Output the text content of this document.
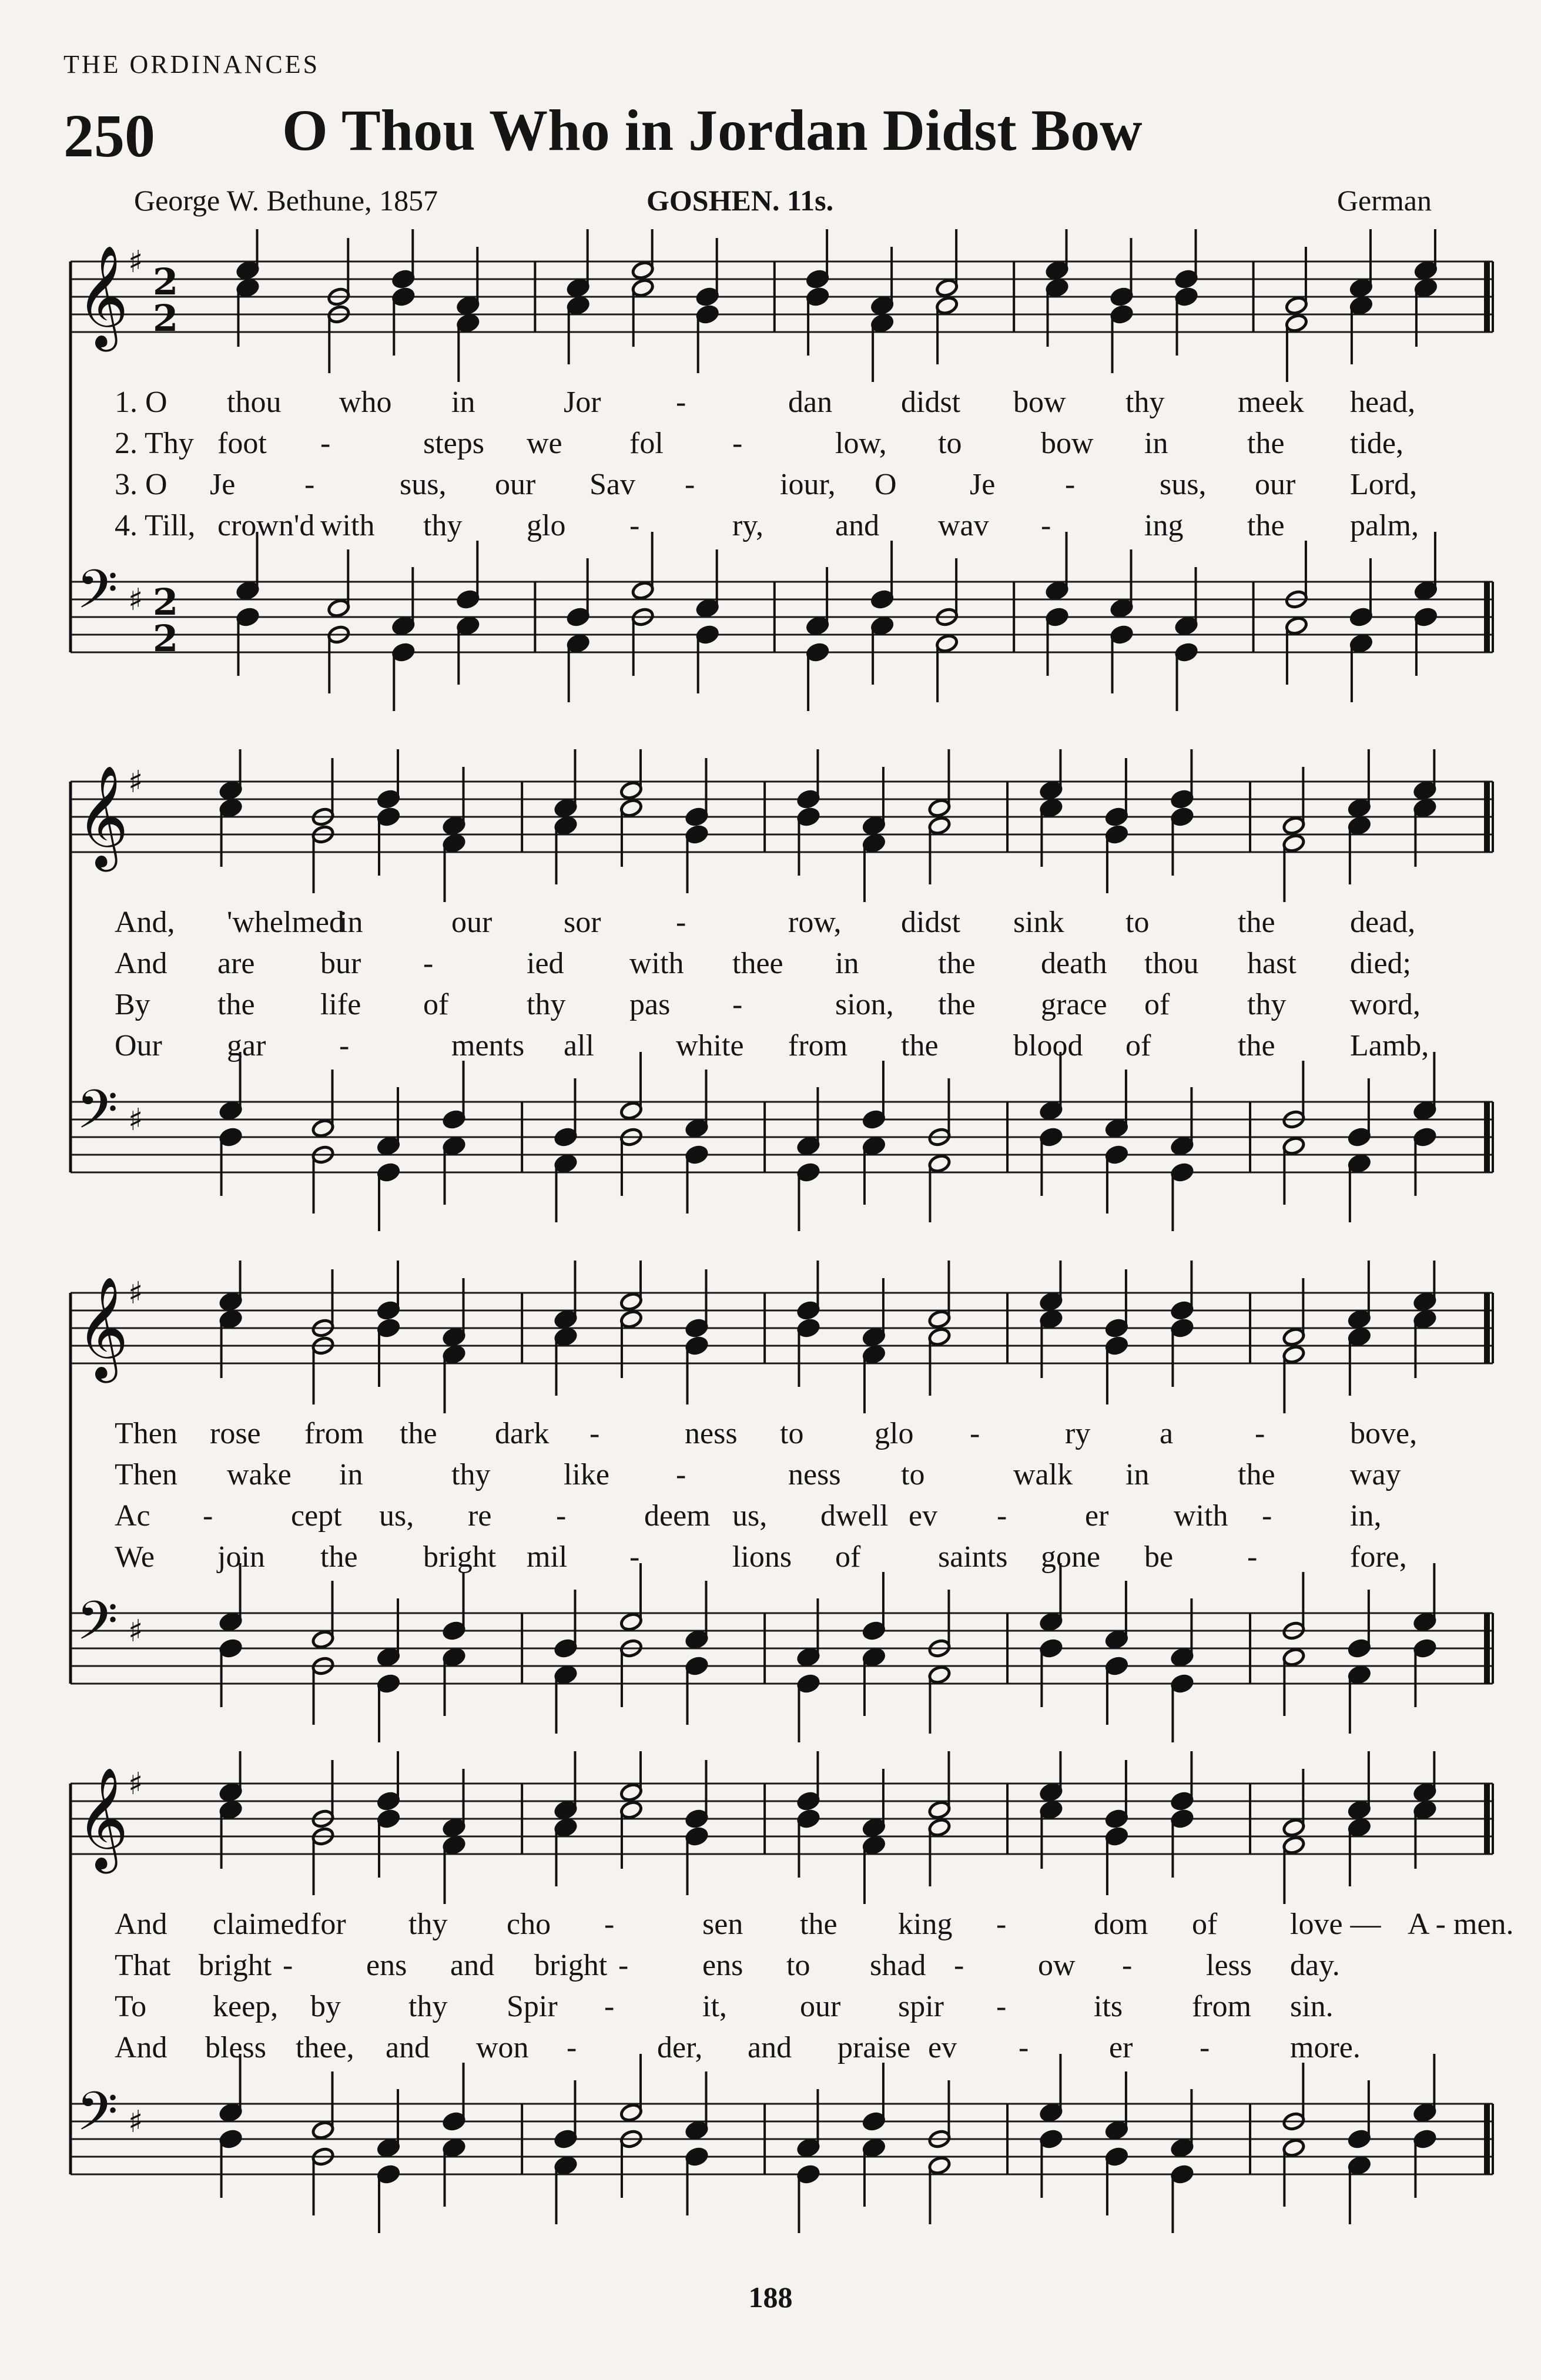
THE ORDINANCES
250 O Thou Who in Jordan Didst Bow
George W. Bethune, 1857	GOSHEN. 11s.	German
𝄞 ♯ 2
2
𝄢 ♯ 2
2
1. O thou who in	Jor -	dan didst bow thy meek head,
2. Thy foot -	steps we fol -	low, to	bow in	the tide,
3. O Je -	sus, our Sav -	iour, O Je -	sus, our Lord,
4. Till, crown'd with thy glo -	ry, and wav -	ing the palm,
𝄞 ♯
𝄢 ♯
And, 'whelmed
in	our sor -	row, didst sink to	the dead,
And are bur -	ied with thee in	the death thou hast died;
By the life of	thy pas -	sion, the grace of	thy word,
Our gar -	ments all	white from the blood of	the Lamb,
𝄞 ♯
𝄢 ♯
Then rose from the dark -	ness to glo -	ry a	-	bove,
Then wake in	thy like -	ness to	walk in	the way
Ac -	cept us, re -	deem us, dwell ev -	er with -	in,
We join the bright mil -	lions of	saints gone be -	fore,
𝄞 ♯
𝄢 ♯
And claimed for thy cho -	sen the king -	dom of love —
That bright - ens and bright - ens to shad - ow - less day.
To keep, by thy Spir -	it, our spir -	its from sin.
And bless thee, and won -	der, and praise ev -	er -	more.
A - men.
188
